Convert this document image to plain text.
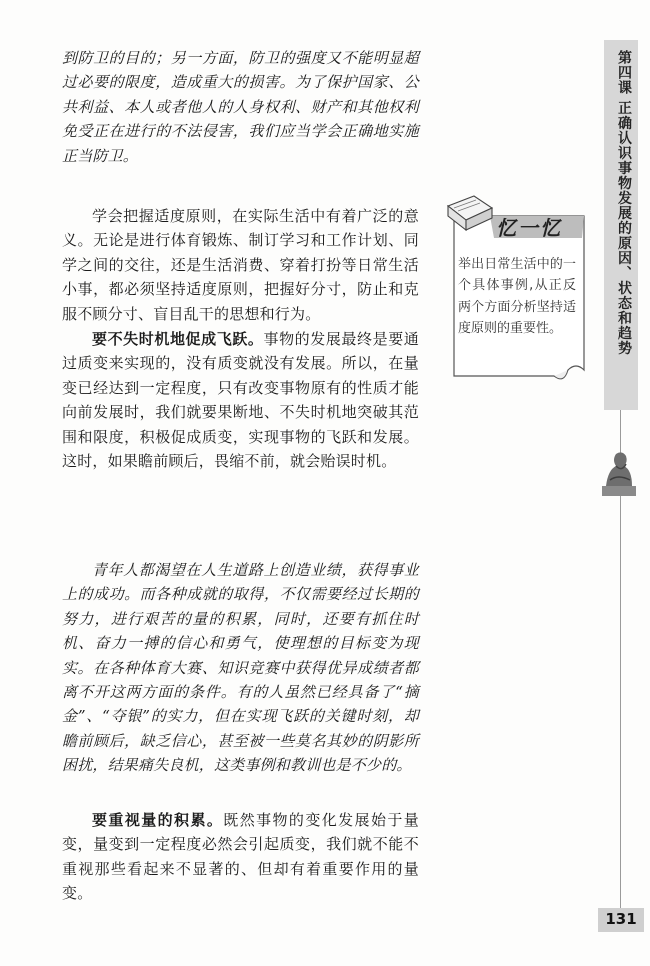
到防卫的目的；另一方面，防卫的强度又不能明显超过必要的限度，造成重大的损害。为了保护国家、公共利益、本人或者他人的人身权利、财产和其他权利免受正在进行的不法侵害，我们应当学会正确地实施正当防卫。

学会把握适度原则，在实际生活中有着广泛的意义。无论是进行体育锻炼、制订学习和工作计划、同学之间的交往，还是生活消费、穿着打扮等日常生活小事，都必须坚持适度原则，把握好分寸，防止和克服不顾分寸、盲目乱干的思想和行为。

要不失时机地促成飞跃。事物的发展最终是要通过质变来实现的，没有质变就没有发展。所以，在量变已经达到一定程度，只有改变事物原有的性质才能向前发展时，我们就要果断地、不失时机地突破其范围和限度，积极促成质变，实现事物的飞跃和发展。这时，如果瞻前顾后，畏缩不前，就会贻误时机。

青年人都渴望在人生道路上创造业绩，获得事业上的成功。而各种成就的取得，不仅需要经过长期的努力，进行艰苦的量的积累，同时，还要有抓住时机、奋力一搏的信心和勇气，使理想的目标变为现实。在各种体育大赛、知识竞赛中获得优异成绩者都离不开这两方面的条件。有的人虽然已经具备了“摘金”、“夺银”的实力，但在实现飞跃的关键时刻，却瞻前顾后，缺乏信心，甚至被一些莫名其妙的阴影所困扰，结果痛失良机，这类事例和教训也是不少的。

要重视量的积累。既然事物的变化发展始于量变，量变到一定程度必然会引起质变，我们就不能不重视那些看起来不显著的、但却有着重要作用的量变。

忆一忆
举出日常生活中的一个具体事例,从正反两个方面分析坚持适度原则的重要性。	第四课 正确认识事物发展的原因、状态和趋势
131
